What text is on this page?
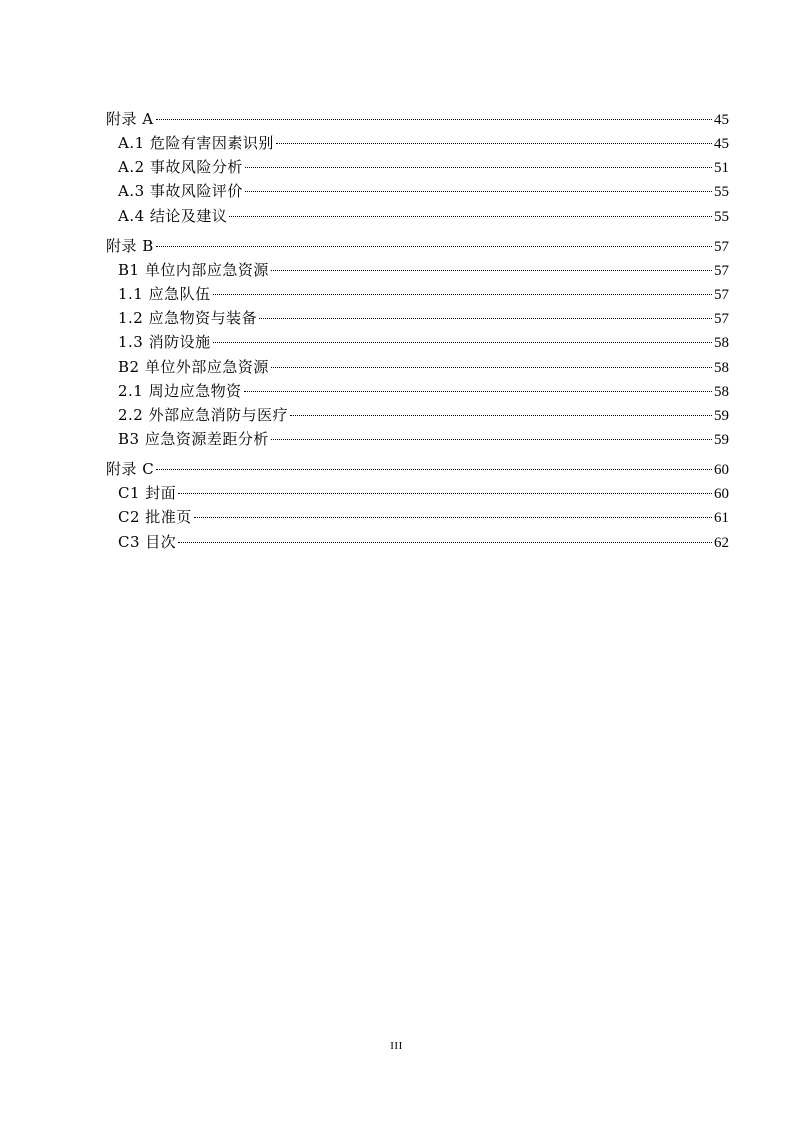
附录 A	45
A.1 危险有害因素识别	45
A.2 事故风险分析	51
A.3 事故风险评价	55
A.4 结论及建议	55
附录 B	57
B1 单位内部应急资源	57
1.1 应急队伍	57
1.2 应急物资与装备	57
1.3 消防设施	58
B2 单位外部应急资源	58
2.1 周边应急物资	58
2.2 外部应急消防与医疗	59
B3 应急资源差距分析	59
附录 C	60
C1 封面	60
C2 批准页	61
C3 目次	62
III
